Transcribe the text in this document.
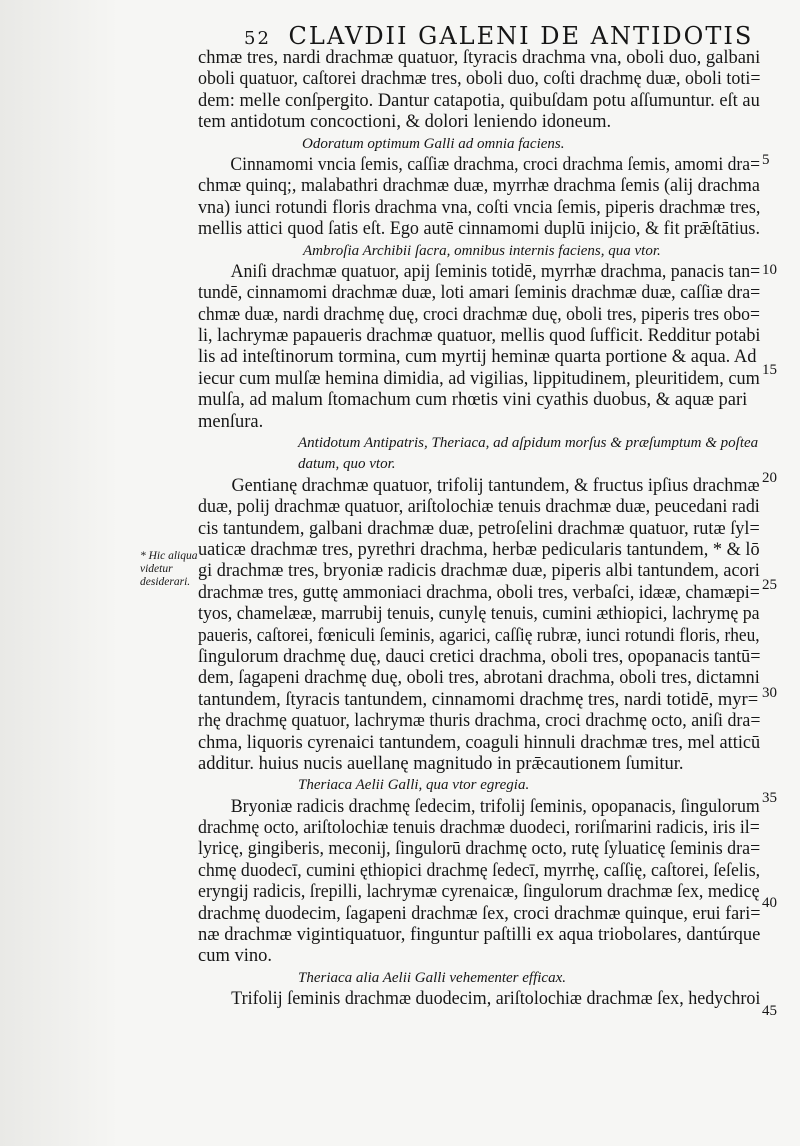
52 CLAVDII GALENI DE ANTIDOTIS
* Hic aliqua videtur desiderari.
5
10
15
20
25
30
35
40
45
chmæ tres, nardi drachmæ quatuor, ſtyracis drachma vna, oboli duo, galbani
oboli quatuor, caſtorei drachmæ tres, oboli duo, coſti drachmę duæ, oboli toti=
dem: melle conſpergito. Dantur catapotia, quibuſdam potu aſſumuntur. eſt au
tem antidotum concoctioni, & dolori leniendo idoneum.
Odoratum optimum Galli ad omnia faciens.
Cinnamomi vncia ſemis, caſſiæ drachma, croci drachma ſemis, amomi dra=
chmæ quinq;, malabathri drachmæ duæ, myrrhæ drachma ſemis (alij drachma
vna) iunci rotundi floris drachma vna, coſti vncia ſemis, piperis drachmæ tres,
mellis attici quod ſatis eſt. Ego autē cinnamomi duplū inijcio, & fit prǣſtātius.
Ambroſia Archibii ſacra, omnibus internis faciens, qua vtor.
Aniſi drachmæ quatuor, apij ſeminis totidē, myrrhæ drachma, panacis tan=
tundē, cinnamomi drachmæ duæ, loti amari ſeminis drachmæ duæ, caſſiæ dra=
chmæ duæ, nardi drachmę duę, croci drachmæ duę, oboli tres, piperis tres obo=
li, lachrymæ papaueris drachmæ quatuor, mellis quod ſufficit. Redditur potabi
lis ad inteſtinorum tormina, cum myrtij heminæ quarta portione & aqua. Ad
iecur cum mulſæ hemina dimidia, ad vigilias, lippitudinem, pleuritidem, cum
mulſa, ad malum ſtomachum cum rhœtis vini cyathis duobus, & aquæ pari
menſura.
Antidotum Antipatris, Theriaca, ad aſpidum morſus & præſumptum & poſtea
datum, quo vtor.
Gentianę drachmæ quatuor, trifolij tantundem, & fructus ipſius drachmæ
duæ, polij drachmæ quatuor, ariſtolochiæ tenuis drachmæ duæ, peucedani radi
cis tantundem, galbani drachmæ duæ, petroſelini drachmæ quatuor, rutæ ſyl=
uaticæ drachmæ tres, pyrethri drachma, herbæ pedicularis tantundem, * & lō
gi drachmæ tres, bryoniæ radicis drachmæ duæ, piperis albi tantundem, acori
drachmæ tres, guttę ammoniaci drachma, oboli tres, verbaſci, idææ, chamæpi=
tyos, chamelææ, marrubij tenuis, cunylę tenuis, cumini æthiopici, lachrymę pa
paueris, caſtorei, fœniculi ſeminis, agarici, caſſię rubræ, iunci rotundi floris, rheu,
ſingulorum drachmę duę, dauci cretici drachma, oboli tres, opopanacis tantū=
dem, ſagapeni drachmę duę, oboli tres, abrotani drachma, oboli tres, dictamni
tantundem, ſtyracis tantundem, cinnamomi drachmę tres, nardi totidē, myr=
rhę drachmę quatuor, lachrymæ thuris drachma, croci drachmę octo, aniſi dra=
chma, liquoris cyrenaici tantundem, coaguli hinnuli drachmæ tres, mel atticū
additur. huius nucis auellanę magnitudo in prǣcautionem ſumitur.
Theriaca Aelii Galli, qua vtor egregia.
Bryoniæ radicis drachmę ſedecim, trifolij ſeminis, opopanacis, ſingulorum
drachmę octo, ariſtolochiæ tenuis drachmæ duodeci, roriſmarini radicis, iris il=
lyricę, gingiberis, meconij, ſingulorū drachmę octo, rutę ſyluaticę ſeminis dra=
chmę duodecī, cumini ęthiopici drachmę ſedecī, myrrhę, caſſię, caſtorei, ſeſelis,
eryngij radicis, ſrepilli, lachrymæ cyrenaicæ, ſingulorum drachmæ ſex, medicę
drachmę duodecim, ſagapeni drachmæ ſex, croci drachmæ quinque, erui fari=
næ drachmæ vigintiquatuor, finguntur paſtilli ex aqua triobolares, dantúrque
cum vino.
Theriaca alia Aelii Galli vehementer efficax.
Trifolij ſeminis drachmæ duodecim, ariſtolochiæ drachmæ ſex, hedychroi
